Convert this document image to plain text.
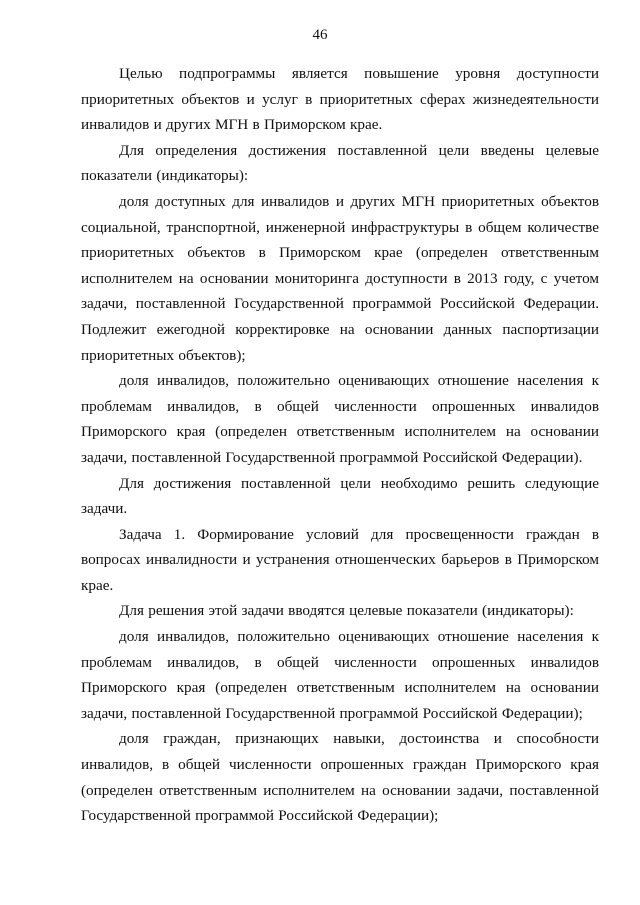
46

Целью подпрограммы является повышение уровня доступности приоритетных объектов и услуг в приоритетных сферах жизнедеятельности инвалидов и других МГН в Приморском крае.

Для определения достижения поставленной цели введены целевые показатели (индикаторы):

доля доступных для инвалидов и других МГН приоритетных объектов социальной, транспортной, инженерной инфраструктуры в общем количестве приоритетных объектов в Приморском крае (определен ответственным исполнителем на основании мониторинга доступности в 2013 году, с учетом задачи, поставленной Государственной программой Российской Федерации. Подлежит ежегодной корректировке на основании данных паспортизации приоритетных объектов);

доля инвалидов, положительно оценивающих отношение населения к проблемам инвалидов, в общей численности опрошенных инвалидов Приморского края (определен ответственным исполнителем на основании задачи, поставленной Государственной программой Российской Федерации).

Для достижения поставленной цели необходимо решить следующие задачи.

Задача 1. Формирование условий для просвещенности граждан в вопросах инвалидности и устранения отношенческих барьеров в Приморском крае.

Для решения этой задачи вводятся целевые показатели (индикаторы):

доля инвалидов, положительно оценивающих отношение населения к проблемам инвалидов, в общей численности опрошенных инвалидов Приморского края (определен ответственным исполнителем на основании задачи, поставленной Государственной программой Российской Федерации);

доля граждан, признающих навыки, достоинства и способности инвалидов, в общей численности опрошенных граждан Приморского края (определен ответственным исполнителем на основании задачи, поставленной Государственной программой Российской Федерации);
